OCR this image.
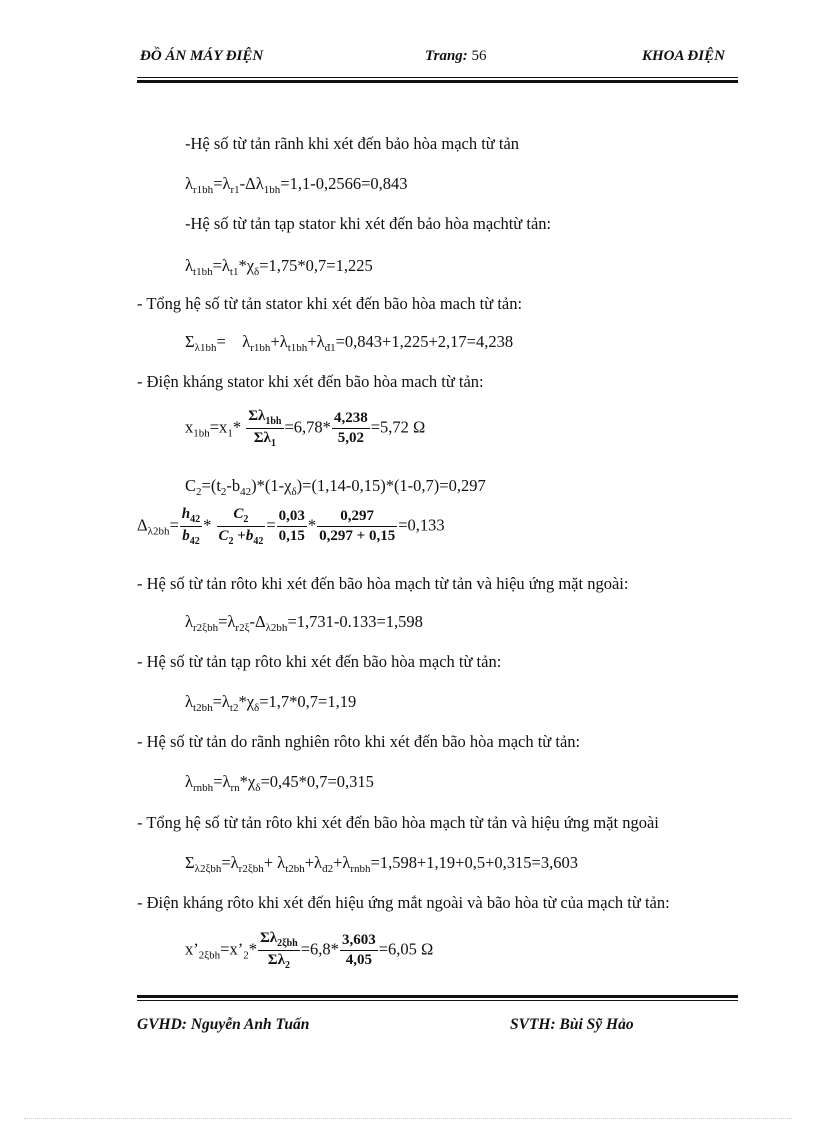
ĐỒ ÁN MÁY ĐIỆN	Trang: 56	KHOA ĐIỆN
-Hệ số từ tản rãnh khi xét đến bảo hòa mạch từ tản
$\lambda_{r1bh}=\lambda_{r1}-\Delta\lambda_{1bh}=1,1-0,2566=0,843$
-Hệ số từ tản tạp stator khi xét đến bảo hòa mạchtừ tản:
$\lambda_{t1bh}=\lambda_{t1}*\chi_\delta=1,75*0,7=1,225$
- Tổng hệ số từ tản stator khi xét đến bão hòa mach từ tản:
$\Sigma_{\lambda 1bh}=$    $\lambda_{r1bh}+\lambda_{t1bh}+\lambda_{đ1}=0,843+1,225+2,17=4,238$
- Điện kháng stator khi xét đến bão hòa mach từ tản:
$x_{1bh}=x_1* \frac{\Sigma\lambda_{1bh}}{\Sigma\lambda_1} =6,78* \frac{4,238}{5,02} =5,72$ Ω
$C_2=(t_2-b_{42})*(1-\chi_\delta)=(1,14-0,15)*(1-0,7)=0,297$
$\Delta_{\lambda 2bh}= \frac{h_{42}}{b_{42}} * \frac{C_2}{C_2 +b_{42}} = \frac{0,03}{0,15} * \frac{0,297}{0,297 + 0,15} =0,133$
- Hệ số từ tản rôto khi xét đến bão hòa mạch từ tản và hiệu ứng mặt ngoài:
$\lambda_{r2\xi bh}=\lambda_{r2\xi}-\Delta_{\lambda 2bh}=1,731-0.133=1,598$
- Hệ số từ tản tạp rôto khi xét đến bão hòa mạch từ tản:
$\lambda_{t2bh}=\lambda_{t2}*\chi_\delta=1,7*0,7=1,19$
- Hệ số từ tản do rãnh nghiên rôto khi xét đến bão hòa mạch từ tản:
$\lambda_{rnbh}=\lambda_{rn}*\chi_\delta=0,45*0,7=0,315$
- Tổng hệ số từ tản rôto khi xét đến bão hòa mạch từ tản và hiệu ứng mặt ngoài
$\Sigma_{\lambda 2\xi bh}=\lambda_{r2\xi bh}+ \lambda_{t2bh}+\lambda_{đ2}+\lambda_{rnbh}=1,598+1,19+0,5+0,315=3,603$
- Điện kháng rôto khi xét đến hiệu ứng mắt ngoài và bão hòa từ của mạch từ tản:
$x’_{2\xi bh}=x’_2* \frac{\Sigma\lambda_{2\xi bh}}{\Sigma\lambda_2} =6,8* \frac{3,603}{4,05} =6,05$ Ω
GVHD: Nguyễn Anh Tuấn	SVTH: Bùi Sỹ Hảo
